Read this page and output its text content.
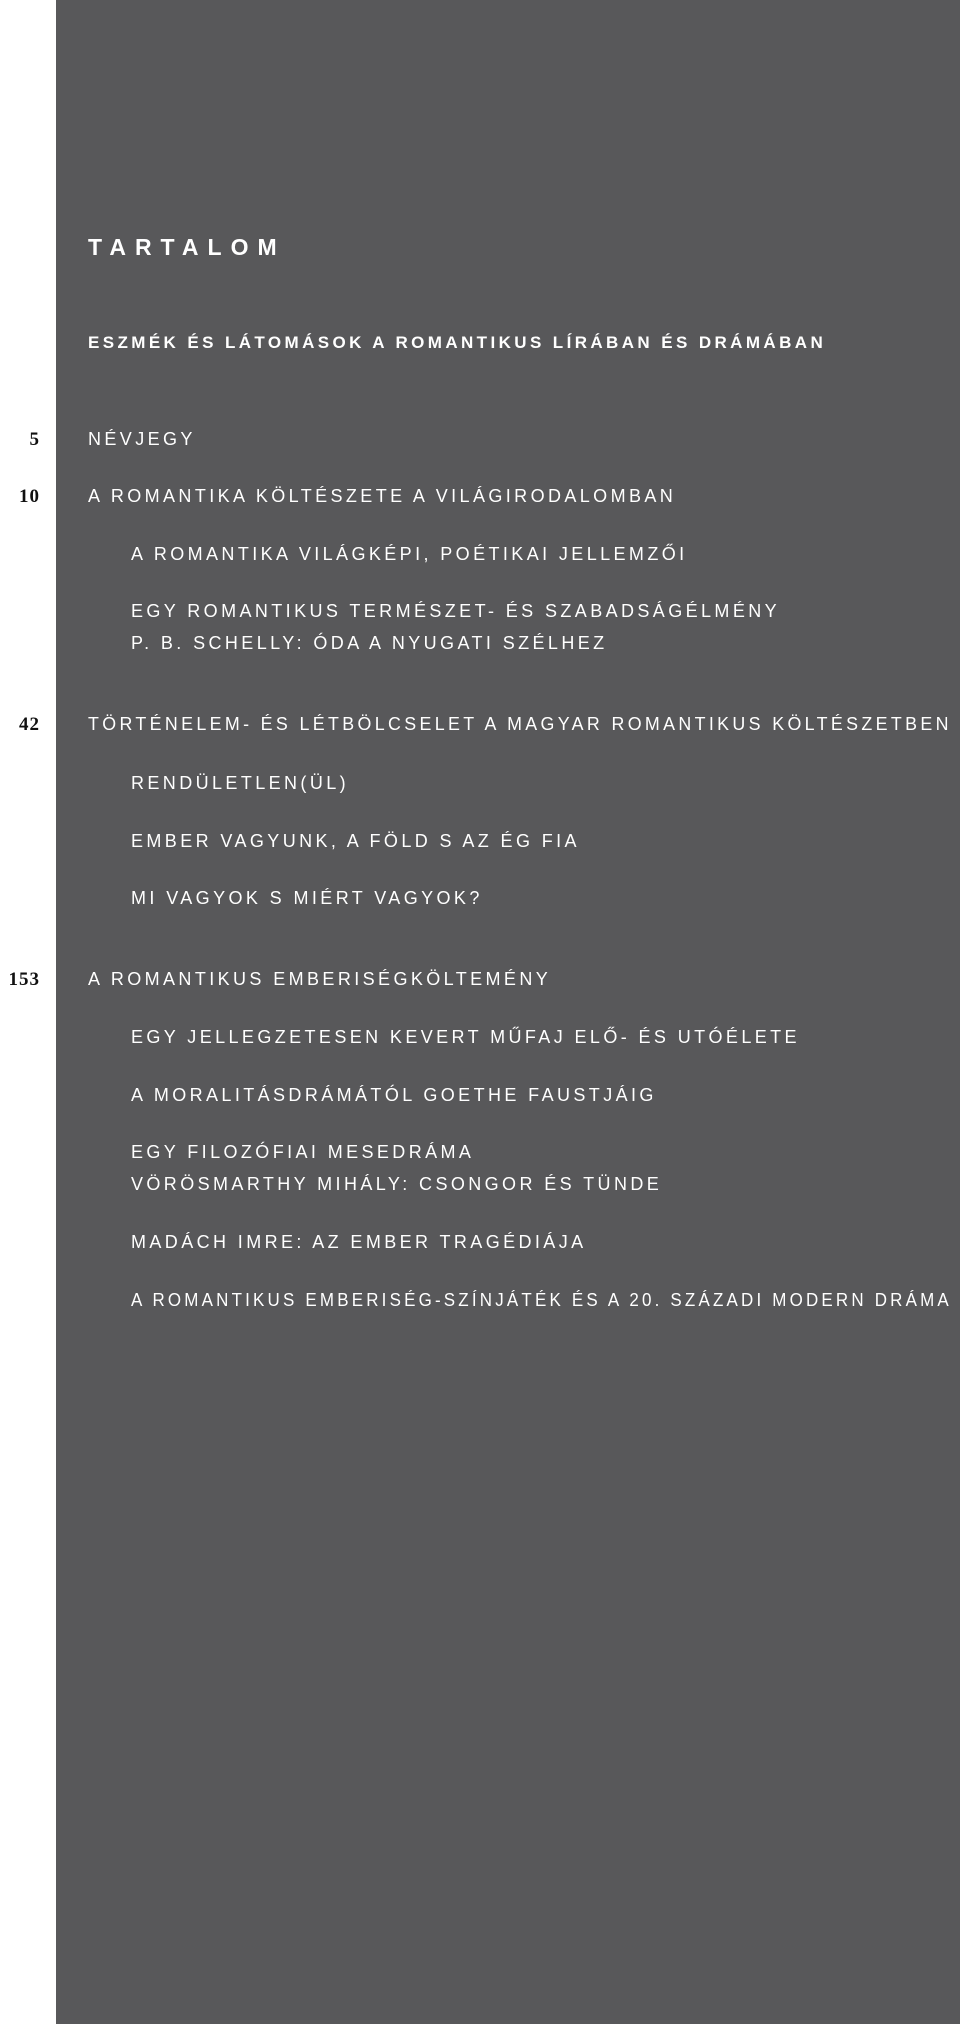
TARTALOM
ESZMÉK ÉS LÁTOMÁSOK A ROMANTIKUS LÍRÁBAN ÉS DRÁMÁBAN
5	NÉVJEGY
10	A ROMANTIKA KÖLTÉSZETE A VILÁGIRODALOMBAN
A ROMANTIKA VILÁGKÉPI, POÉTIKAI JELLEMZŐI
EGY ROMANTIKUS TERMÉSZET- ÉS SZABADSÁGÉLMÉNY
P. B. SCHELLY: ÓDA A NYUGATI SZÉLHEZ
42	TÖRTÉNELEM- ÉS LÉTBÖLCSELET A MAGYAR ROMANTIKUS KÖLTÉSZETBEN
RENDÜLETLEN(ÜL)
EMBER VAGYUNK, A FÖLD S AZ ÉG FIA
MI VAGYOK S MIÉRT VAGYOK?
153	A ROMANTIKUS EMBERISÉGKÖLTEMÉNY
EGY JELLEGZETESEN KEVERT MŰFAJ ELŐ- ÉS UTÓÉLETE
A MORALITÁSDRÁMÁTÓL GOETHE FAUSTJÁIG
EGY FILOZÓFIAI MESEDRÁMA
VÖRÖSMARTHY MIHÁLY: CSONGOR ÉS TÜNDE
MADÁCH IMRE: AZ EMBER TRAGÉDIÁJA
A ROMANTIKUS EMBERISÉG-SZÍNJÁTÉK ÉS A 20. SZÁZADI MODERN DRÁMA
